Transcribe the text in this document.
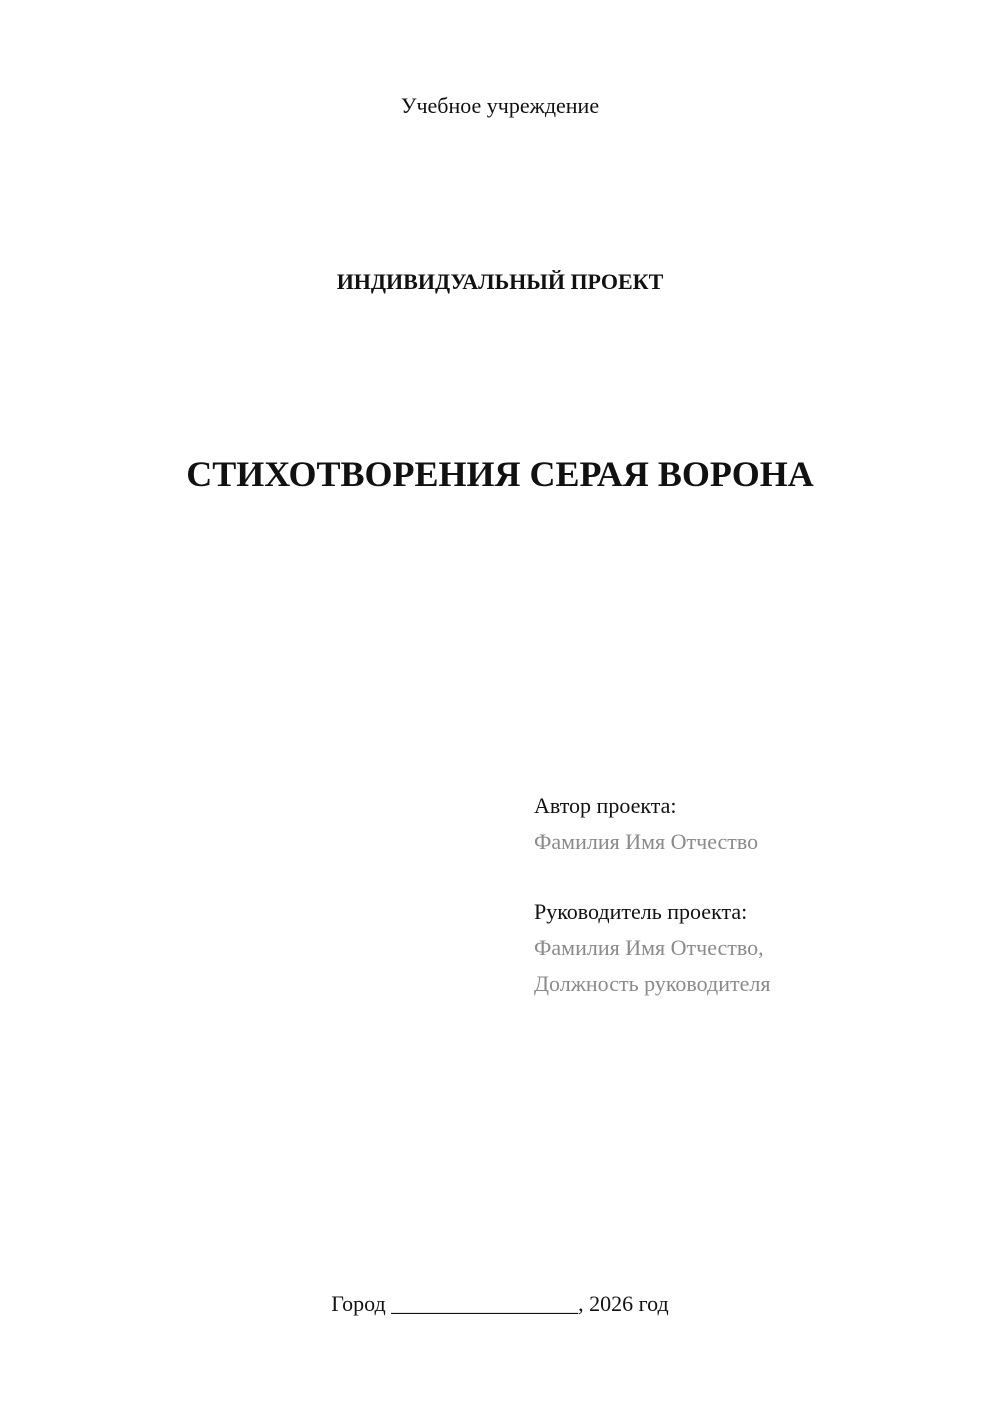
Учебное учреждение
ИНДИВИДУАЛЬНЫЙ ПРОЕКТ
СТИХОТВОРЕНИЯ СЕРАЯ ВОРОНА
Автор проекта:
Фамилия Имя Отчество
Руководитель проекта:
Фамилия Имя Отчество,
Должность руководителя
Город _________________, 2026 год
